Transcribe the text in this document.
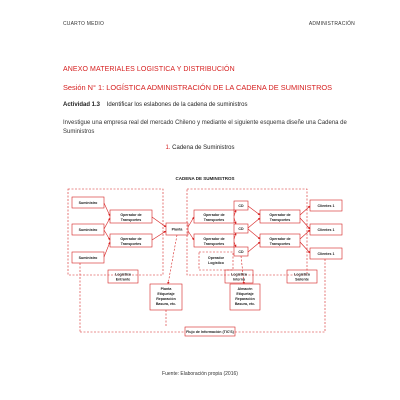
CUARTO MEDIO	ADMINISTRACIÓN
ANEXO MATERIALES LOGISTICA Y DISTRIBUCIÓN
Sesión N° 1: LOGÍSTICA ADMINISTRACIÓN DE LA CADENA DE SUMINISTROS
Actividad 1.3 Identificar los eslabones de la cadena de suministros
Investigue una empresa real del mercado Chileno y mediante el siguiente esquema diseñe una Cadena de Suministros
1. Cadena de Suministros
CADENA DE SUMINISTROS
Suministro
Suministro
Suministro
Operador de
Transportes
Operador de
Transportes
Planta
Operador de
Transportes
Operador de
Transportes
CD
CD
CD
Operador de
Transportes
Operador de
Transportes
Clientes 1
Clientes 1
Clientes 1
Operador
Logístico
Logística
Entrante
Logística
Interna
Logística
Saliente
Planta
Etiquetaje
Reparación
Basura, etc.
Almacén
Etiquetaje
Reparación
Basura, etc.
Flujo de Información (TIC'S)
Fuente: Elaboración propia (2016)
